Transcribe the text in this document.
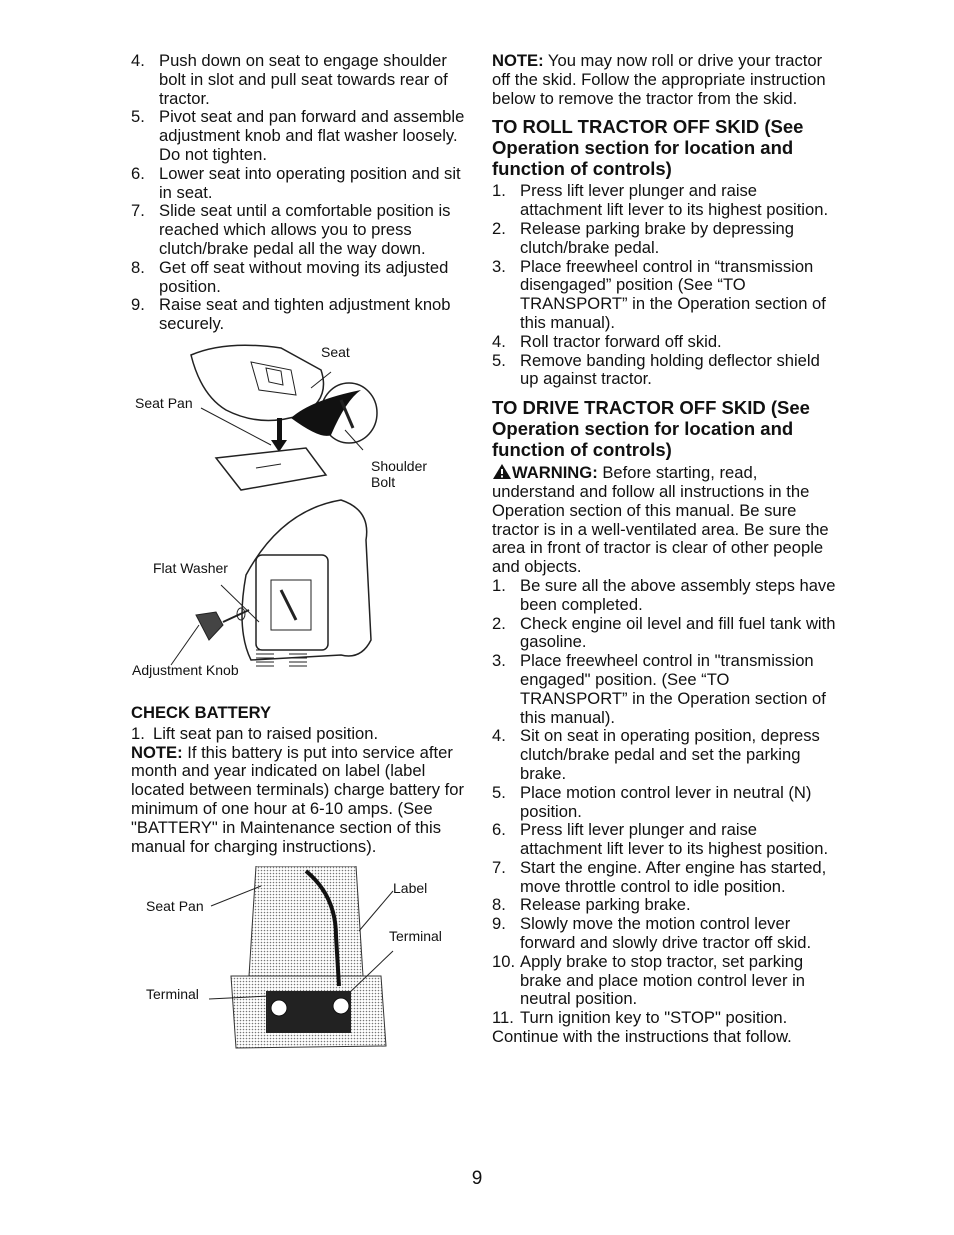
4. Push down on seat to engage shoulder bolt in slot and pull seat towards rear of tractor.
5. Pivot seat and pan forward and assemble adjustment knob and flat washer loosely. Do not tighten.
6. Lower seat into operating position and sit in seat.
7. Slide seat until a comfortable position is reached which allows you to press clutch/brake pedal all the way down.
8. Get off seat without moving its adjusted position.
9. Raise seat and tighten adjustment knob securely.
Seat
Seat Pan
Shoulder
Bolt
Flat Washer
Adjustment Knob
CHECK BATTERY
1. Lift seat pan to raised position.

NOTE: If this battery is put into service after month and year indicated on label (label located between terminals) charge battery for minimum of one hour at 6-10 amps. (See "BATTERY" in Maintenance section of this manual for charging instructions).

Seat Pan
Label
Terminal
Terminal

NOTE: You may now roll or drive your tractor off the skid. Follow the appropriate instruction below to remove the tractor from the skid.

TO ROLL TRACTOR OFF SKID (See Operation section for location and function of controls)
1. Press lift lever plunger and raise attachment lift lever to its highest position.
2. Release parking brake by depressing clutch/brake pedal.
3. Place freewheel control in “transmission disengaged” position (See “TO TRANSPORT” in the Operation section of this manual).
4. Roll tractor forward off skid.
5. Remove banding holding deflector shield up against tractor.
TO DRIVE TRACTOR OFF SKID (See Operation section for location and function of controls)

WARNING: Before starting, read, understand and follow all instructions in the Operation section of this manual. Be sure tractor is in a well-ventilated area. Be sure the area in front of tractor is clear of other people and objects.

1. Be sure all the above assembly steps have been completed.
2. Check engine oil level and fill fuel tank with gasoline.
3. Place freewheel control in "transmission engaged" position. (See “TO TRANSPORT” in the Operation section of this manual).
4. Sit on seat in operating position, depress clutch/brake pedal and set the parking brake.
5. Place motion control lever in neutral (N) position.
6. Press lift lever plunger and raise attachment lift lever to its highest position.
7. Start the engine. After engine has started, move throttle control to idle position.
8. Release parking brake.
9. Slowly move the motion control lever forward and slowly drive tractor off skid.
10. Apply brake to stop tractor, set parking brake and place motion control lever in neutral position.
11. Turn ignition key to "STOP" position.

Continue with the instructions that follow.

9
